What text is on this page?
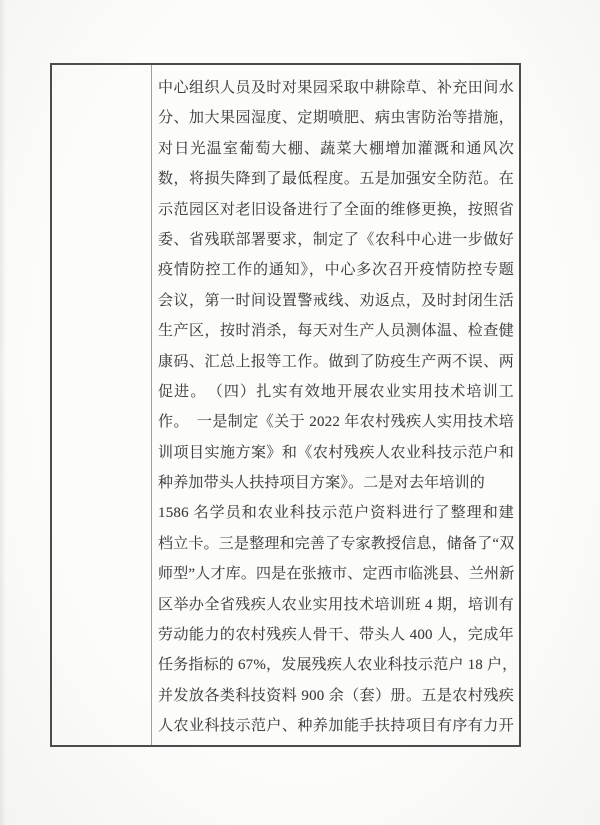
中心组织人员及时对果园采取中耕除草、补充田间水
分、加大果园湿度、定期喷肥、病虫害防治等措施，
对日光温室葡萄大棚、蔬菜大棚增加灌溉和通风次
数，将损失降到了最低程度。五是加强安全防范。在
示范园区对老旧设备进行了全面的维修更换，按照省
委、省残联部署要求，制定了《农科中心进一步做好
疫情防控工作的通知》，中心多次召开疫情防控专题
会议，第一时间设置警戒线、劝返点，及时封闭生活
生产区，按时消杀，每天对生产人员测体温、检查健
康码、汇总上报等工作。做到了防疫生产两不误、两
促进。　（四）扎实有效地开展农业实用技术培训工
作。　一是制定《关于 2022 年农村残疾人实用技术培
训项目实施方案》和《农村残疾人农业科技示范户和
种养加带头人扶持项目方案》。二是对去年培训的
1586 名学员和农业科技示范户资料进行了整理和建
档立卡。三是整理和完善了专家教授信息，储备了“双
师型”人才库。四是在张掖市、定西市临洮县、兰州新
区举办全省残疾人农业实用技术培训班 4 期，培训有
劳动能力的农村残疾人骨干、带头人 400 人，完成年
任务指标的 67%，发展残疾人农业科技示范户 18 户，
并发放各类科技资料 900 余（套）册。五是农村残疾
人农业科技示范户、种养加能手扶持项目有序有力开
